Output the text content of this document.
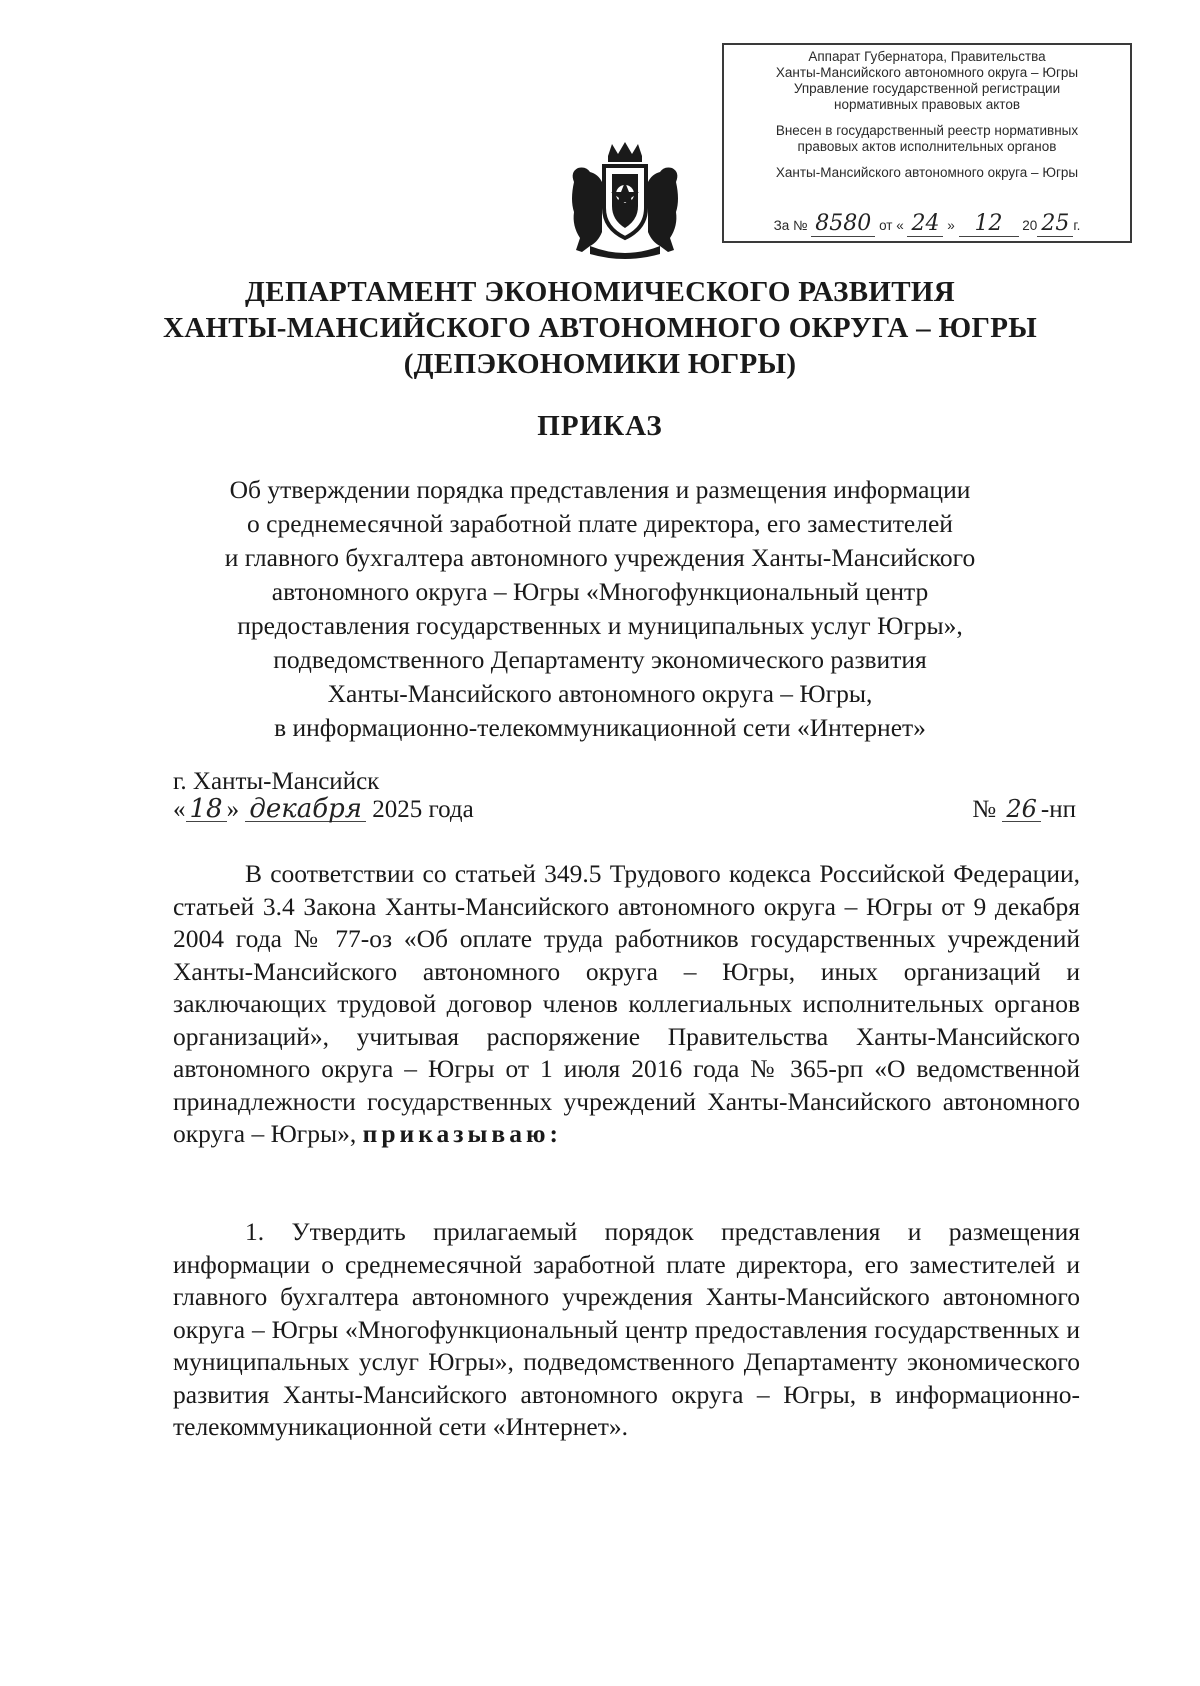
Аппарат Губернатора, Правительства
Ханты-Мансийского автономного округа – Югры
Управление государственной регистрации
нормативных правовых актов
Внесен в государственный реестр нормативных
правовых актов исполнительных органов
Ханты-Мансийского автономного округа – Югры
За № 8580 от « 24 » 12 20 25 г.
ДЕПАРТАМЕНТ ЭКОНОМИЧЕСКОГО РАЗВИТИЯ
ХАНТЫ-МАНСИЙСКОГО АВТОНОМНОГО ОКРУГА – ЮГРЫ
(ДЕПЭКОНОМИКИ ЮГРЫ)
ПРИКАЗ
Об утверждении порядка представления и размещения информации
о среднемесячной заработной плате директора, его заместителей
и главного бухгалтера автономного учреждения Ханты-Мансийского
автономного округа – Югры «Многофункциональный центр
предоставления государственных и муниципальных услуг Югры»,
подведомственного Департаменту экономического развития
Ханты-Мансийского автономного округа – Югры,
в информационно-телекоммуникационной сети «Интернет»
г. Ханты-Мансийск
« 18 » декабря 2025 года	№ 26 -нп

В соответствии со статьей 349.5 Трудового кодекса Российской Федерации, статьей 3.4 Закона Ханты-Мансийского автономного округа – Югры от 9 декабря 2004 года № 77-оз «Об оплате труда работников государственных учреждений Ханты-Мансийского автономного округа – Югры, иных организаций и заключающих трудовой договор членов коллегиальных исполнительных органов организаций», учитывая распоряжение Правительства Ханты-Мансийского автономного округа – Югры от 1 июля 2016 года № 365-рп «О ведомственной принадлежности государственных учреждений Ханты-Мансийского автономного округа – Югры», приказываю:

1. Утвердить прилагаемый порядок представления и размещения информации о среднемесячной заработной плате директора, его заместителей и главного бухгалтера автономного учреждения Ханты-Мансийского автономного округа – Югры «Многофункциональный центр предоставления государственных и муниципальных услуг Югры», подведомственного Департаменту экономического развития Ханты-Мансийского автономного округа – Югры, в информационно-телекоммуникационной сети «Интернет».
